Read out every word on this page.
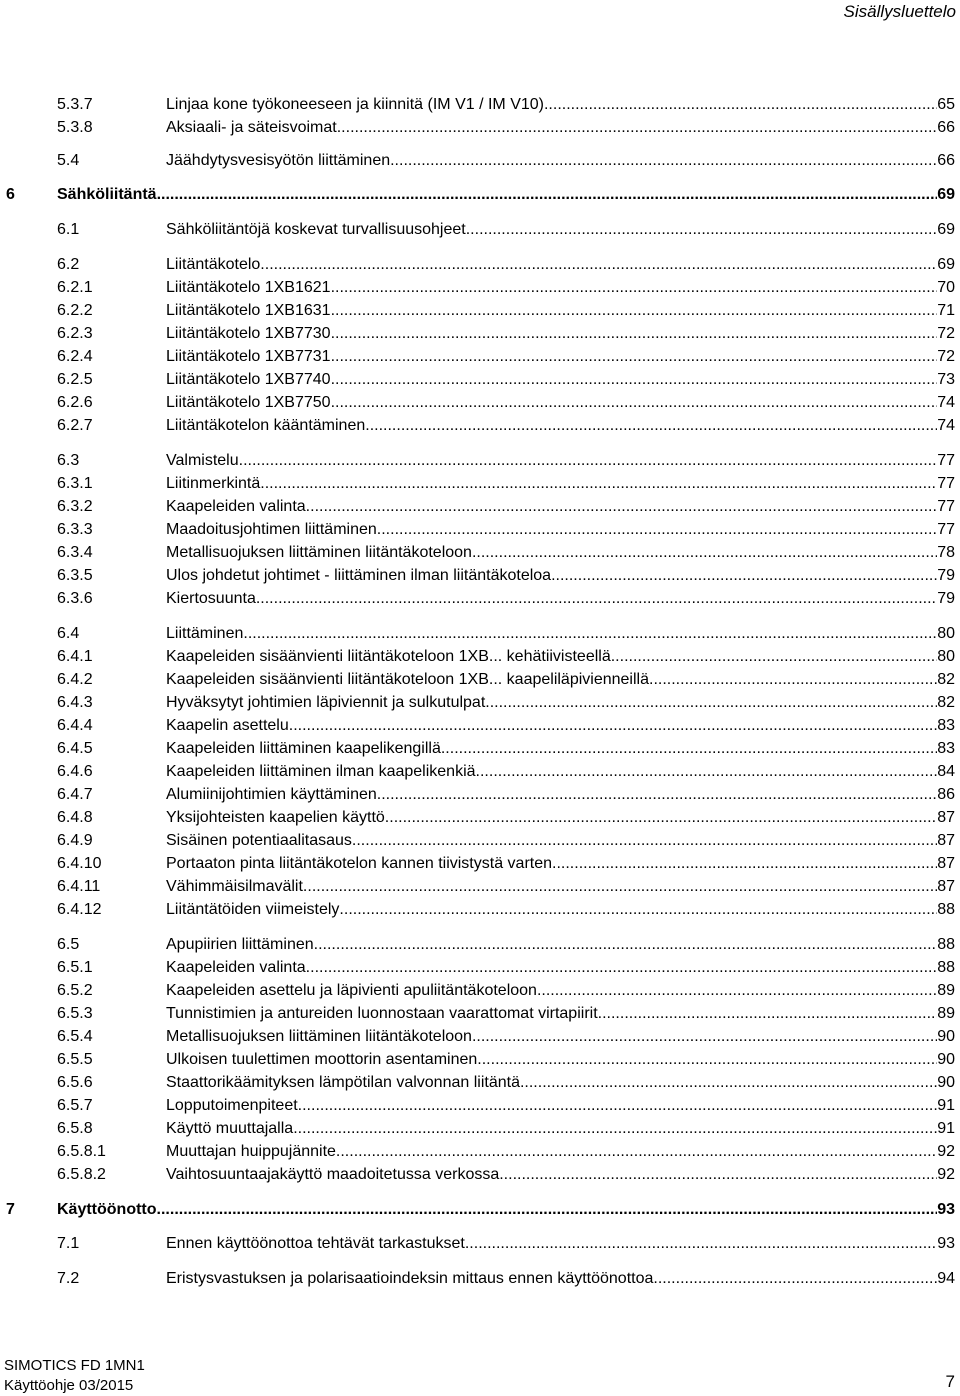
Sisällysluettelo
5.3.7	Linjaa kone työkoneeseen ja kiinnitä (IM V1 / IM V10) .....	65
5.3.8	Aksiaali- ja säteisvoimat .....	66
5.4	Jäähdytysvesisyötön liittäminen .....	66
6	Sähköliitäntä .....	69
6.1	Sähköliitäntöjä koskevat turvallisuusohjeet .....	69
6.2	Liitäntäkotelo .....	69
6.2.1	Liitäntäkotelo 1XB1621 .....	70
6.2.2	Liitäntäkotelo 1XB1631 .....	71
6.2.3	Liitäntäkotelo 1XB7730 .....	72
6.2.4	Liitäntäkotelo 1XB7731 .....	72
6.2.5	Liitäntäkotelo 1XB7740 .....	73
6.2.6	Liitäntäkotelo 1XB7750 .....	74
6.2.7	Liitäntäkotelon kääntäminen .....	74
6.3	Valmistelu .....	77
6.3.1	Liitinmerkintä .....	77
6.3.2	Kaapeleiden valinta .....	77
6.3.3	Maadoitusjohtimen liittäminen .....	77
6.3.4	Metallisuojuksen liittäminen liitäntäkoteloon .....	78
6.3.5	Ulos johdetut johtimet - liittäminen ilman liitäntäkoteloa .....	79
6.3.6	Kiertosuunta .....	79
6.4	Liittäminen .....	80
6.4.1	Kaapeleiden sisäänvienti liitäntäkoteloon 1XB... kehätiivisteellä .....	80
6.4.2	Kaapeleiden sisäänvienti liitäntäkoteloon 1XB... kaapeliläpivienneillä .....	82
6.4.3	Hyväksytyt johtimien läpiviennit ja sulkutulpat .....	82
6.4.4	Kaapelin asettelu .....	83
6.4.5	Kaapeleiden liittäminen kaapelikengillä .....	83
6.4.6	Kaapeleiden liittäminen ilman kaapelikenkiä .....	84
6.4.7	Alumiinijohtimien käyttäminen .....	86
6.4.8	Yksijohteisten kaapelien käyttö .....	87
6.4.9	Sisäinen potentiaalitasaus .....	87
6.4.10	Portaaton pinta liitäntäkotelon kannen tiivistystä varten .....	87
6.4.11	Vähimmäisilmavälit .....	87
6.4.12	Liitäntätöiden viimeistely .....	88
6.5	Apupiirien liittäminen .....	88
6.5.1	Kaapeleiden valinta .....	88
6.5.2	Kaapeleiden asettelu ja läpivienti apuliitäntäkoteloon .....	89
6.5.3	Tunnistimien ja antureiden luonnostaan vaarattomat virtapiirit .....	89
6.5.4	Metallisuojuksen liittäminen liitäntäkoteloon .....	90
6.5.5	Ulkoisen tuulettimen moottorin asentaminen .....	90
6.5.6	Staattorikäämityksen lämpötilan valvonnan liitäntä .....	90
6.5.7	Lopputoimenpiteet .....	91
6.5.8	Käyttö muuttajalla .....	91
6.5.8.1	Muuttajan huippujännite .....	92
6.5.8.2	Vaihtosuuntaajakäyttö maadoitetussa verkossa .....	92
7	Käyttöönotto .....	93
7.1	Ennen käyttöönottoa tehtävät tarkastukset .....	93
7.2	Eristysvastuksen ja polarisaatioindeksin mittaus ennen käyttöönottoa .....	94
SIMOTICS FD 1MN1
Käyttöohje 03/2015	7
